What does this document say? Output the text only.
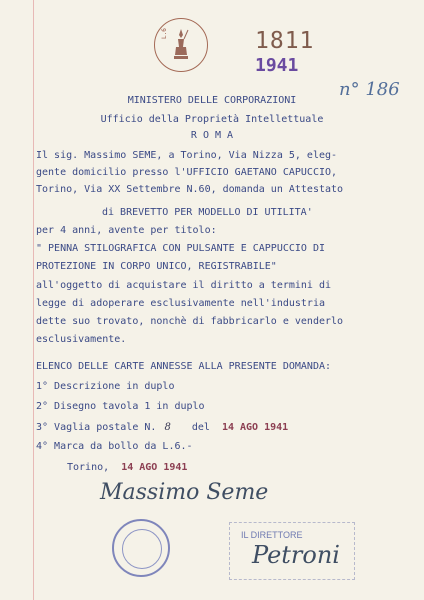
L.6	1811
1941
n° 186
MINISTERO DELLE CORPORAZIONI
Ufficio della Proprietà Intellettuale
R O M A
Il sig. Massimo SEME, a Torino, Via Nizza 5, eleg-
gente domicilio presso l'UFFICIO GAETANO CAPUCCIO,
Torino, Via XX Settembre N.60, domanda un Attestato
di BREVETTO PER MODELLO DI UTILITA'
per 4 anni, avente per titolo:
" PENNA STILOGRAFICA CON PULSANTE E CAPPUCCIO DI
PROTEZIONE IN CORPO UNICO, REGISTRABILE"
all'oggetto di acquistare il diritto a termini di
legge di adoperare esclusivamente nell'industria
dette suo trovato, nonchè di fabbricarlo e venderlo
esclusivamente.
ELENCO DELLE CARTE ANNESSE ALLA PRESENTE DOMANDA:
1° Descrizione in duplo
2° Disegno tavola 1 in duplo
3° Vaglia postale N. 8 del 14 AGO 1941
4° Marca da bollo da L.6.-
Torino, 14 AGO 1941
Massimo Seme
IL DIRETTORE
Petroni
